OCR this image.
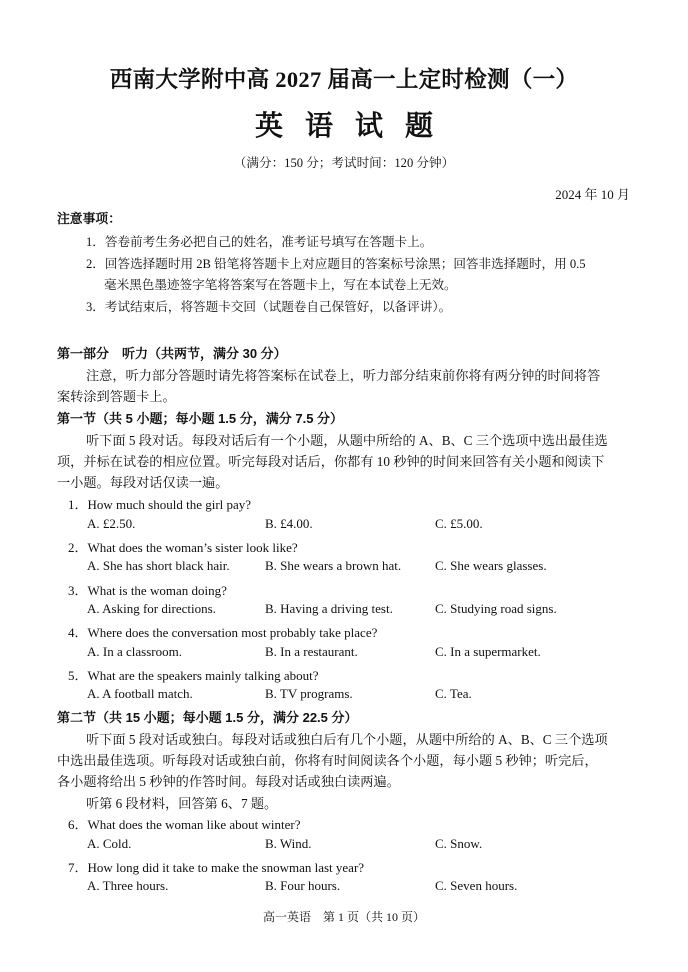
西南大学附中高 2027 届高一上定时检测（一）
英语试题
（满分：150 分；考试时间：120 分钟）
2024 年 10 月
注意事项：
1．答卷前考生务必把自己的姓名，准考证号填写在答题卡上。
2．回答选择题时用 2B 铅笔将答题卡上对应题目的答案标号涂黑；回答非选择题时，用 0.5
毫米黑色墨迹签字笔将答案写在答题卡上，写在本试卷上无效。
3．考试结束后，将答题卡交回（试题卷自己保管好，以备评讲）。
第一部分　听力（共两节，满分 30 分）
注意，听力部分答题时请先将答案标在试卷上，听力部分结束前你将有两分钟的时间将答
案转涂到答题卡上。
第一节（共 5 小题；每小题 1.5 分，满分 7.5 分）
听下面 5 段对话。每段对话后有一个小题，从题中所给的 A、B、C 三个选项中选出最佳选
项，并标在试卷的相应位置。听完每段对话后，你都有 10 秒钟的时间来回答有关小题和阅读下
一小题。每段对话仅读一遍。
1．How much should the girl pay?
A. £2.50.	B. £4.00.	C. £5.00.
2．What does the woman’s sister look like?
A. She has short black hair.	B. She wears a brown hat.	C. She wears glasses.
3．What is the woman doing?
A. Asking for directions.	B. Having a driving test.	C. Studying road signs.
4．Where does the conversation most probably take place?
A. In a classroom.	B. In a restaurant.	C. In a supermarket.
5．What are the speakers mainly talking about?
A. A football match.	B. TV programs.	C. Tea.
第二节（共 15 小题；每小题 1.5 分，满分 22.5 分）
听下面 5 段对话或独白。每段对话或独白后有几个小题，从题中所给的 A、B、C 三个选项
中选出最佳选项。听每段对话或独白前，你将有时间阅读各个小题，每小题 5 秒钟；听完后，
各小题将给出 5 秒钟的作答时间。每段对话或独白读两遍。
听第 6 段材料，回答第 6、7 题。
6．What does the woman like about winter?
A. Cold.	B. Wind.	C. Snow.
7．How long did it take to make the snowman last year?
A. Three hours.	B. Four hours.	C. Seven hours.
高一英语　第 1 页（共 10 页）
